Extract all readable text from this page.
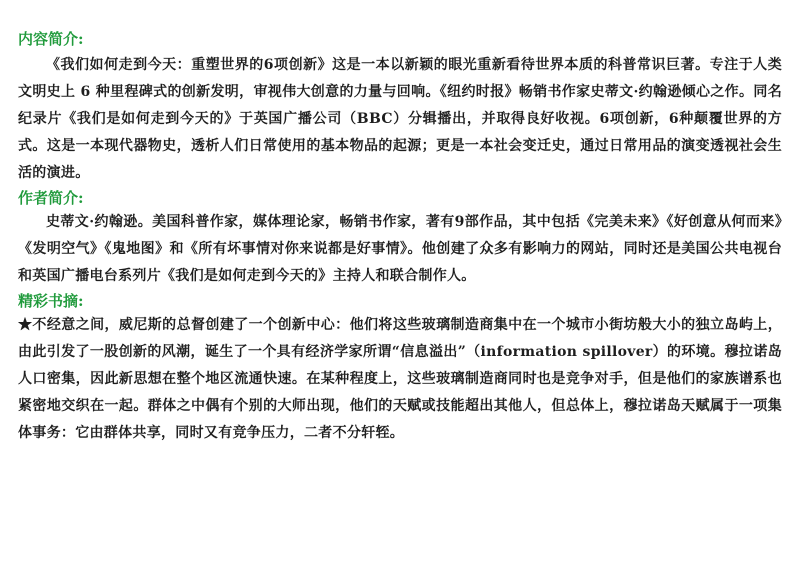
内容简介:

《我们如何走到今天：重塑世界的6项创新》这是一本以新颖的眼光重新看待世界本质的科普常识巨著。专注于人类文明史上 6 种里程碑式的创新发明，审视伟大创意的力量与回响。《纽约时报》畅销书作家史蒂文·约翰逊倾心之作。同名纪录片《我们是如何走到今天的》于英国广播公司（BBC）分辑播出，并取得良好收视。6项创新，6种颠覆世界的方式。这是一本现代器物史，透析人们日常使用的基本物品的起源；更是一本社会变迁史，通过日常用品的演变透视社会生活的演进。

作者简介:

史蒂文·约翰逊。美国科普作家，媒体理论家，畅销书作家，著有9部作品，其中包括《完美未来》《好创意从何而来》《发明空气》《鬼地图》和《所有坏事情对你来说都是好事情》。他创建了众多有影响力的网站，同时还是美国公共电视台和英国广播电台系列片《我们是如何走到今天的》主持人和联合制作人。

精彩书摘:

★不经意之间，威尼斯的总督创建了一个创新中心：他们将这些玻璃制造商集中在一个城市小街坊般大小的独立岛屿上，由此引发了一股创新的风潮，诞生了一个具有经济学家所谓“信息溢出”（information spillover）的环境。穆拉诺岛人口密集，因此新思想在整个地区流通快速。在某种程度上，这些玻璃制造商同时也是竞争对手，但是他们的家族谱系也紧密地交织在一起。群体之中偶有个别的大师出现，他们的天赋或技能超出其他人，但总体上，穆拉诺岛天赋属于一项集体事务：它由群体共享，同时又有竞争压力，二者不分轩轾。
